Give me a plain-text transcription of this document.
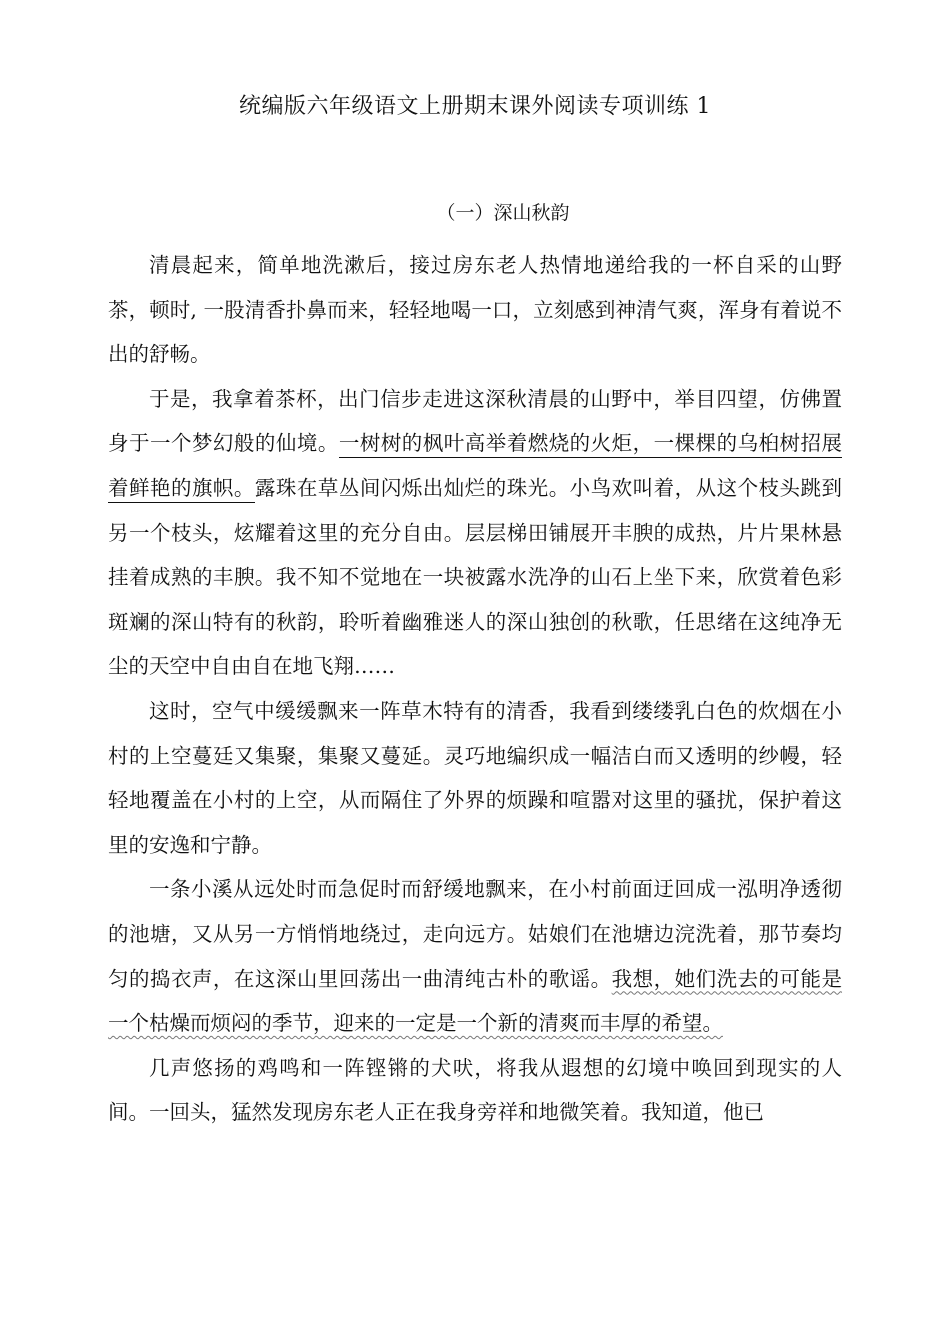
统编版六年级语文上册期末课外阅读专项训练 1
（一）深山秋韵

清晨起来，简单地洗漱后，接过房东老人热情地递给我的一杯自采的山野茶，顿时, 一股清香扑鼻而来，轻轻地喝一口，立刻感到神清气爽，浑身有着说不出的舒畅。

于是，我拿着茶杯，出门信步走进这深秋清晨的山野中，举目四望，仿佛置身于一个梦幻般的仙境。一树树的枫叶高举着燃烧的火炬，一棵棵的乌桕树招展着鲜艳的旗帜。露珠在草丛间闪烁出灿烂的珠光。小鸟欢叫着，从这个枝头跳到另一个枝头，炫耀着这里的充分自由。层层梯田铺展开丰腴的成热，片片果林悬挂着成熟的丰腴。我不知不觉地在一块被露水洗净的山石上坐下来，欣赏着色彩斑斓的深山特有的秋韵，聆听着幽雅迷人的深山独创的秋歌，任思绪在这纯净无尘的天空中自由自在地飞翔……

这时，空气中缓缓飘来一阵草木特有的清香，我看到缕缕乳白色的炊烟在小村的上空蔓廷又集聚，集聚又蔓延。灵巧地编织成一幅洁白而又透明的纱幔，轻轻地覆盖在小村的上空，从而隔住了外界的烦躁和喧嚣对这里的骚扰，保护着这里的安逸和宁静。

一条小溪从远处时而急促时而舒缓地飘来，在小村前面迂回成一泓明净透彻的池塘，又从另一方悄悄地绕过，走向远方。姑娘们在池塘边浣洗着，那节奏均匀的捣衣声，在这深山里回荡出一曲清纯古朴的歌谣。我想，她们洗去的可能是一个枯燥而烦闷的季节，迎来的一定是一个新的清爽而丰厚的希望。

几声悠扬的鸡鸣和一阵铿锵的犬吠，将我从遐想的幻境中唤回到现实的人间。一回头，猛然发现房东老人正在我身旁祥和地微笑着。我知道，他已
